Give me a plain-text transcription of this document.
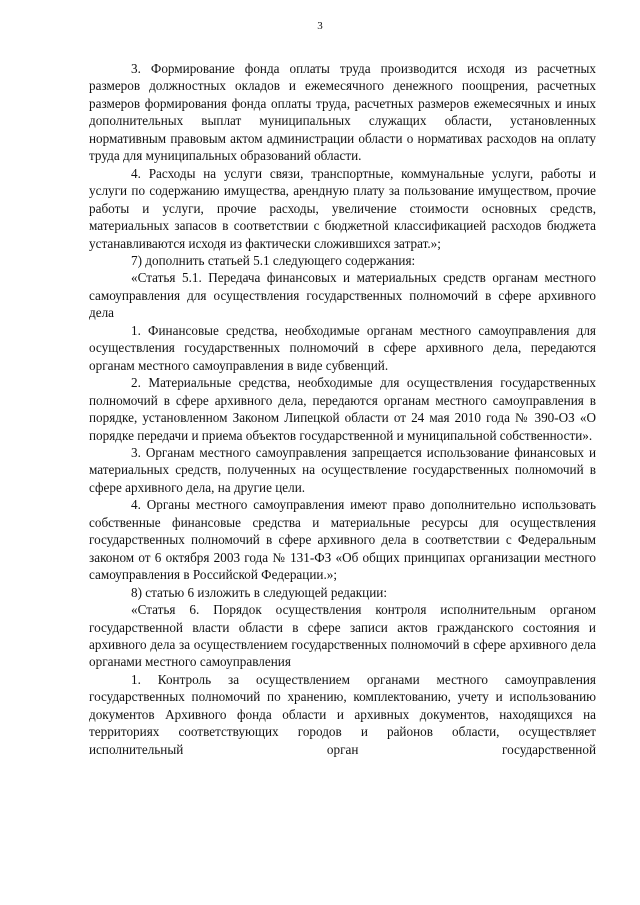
3

3. Формирование фонда оплаты труда производится исходя из расчетных размеров должностных окладов и ежемесячного денежного поощрения, расчетных размеров формирования фонда оплаты труда, расчетных размеров ежемесячных и иных дополнительных выплат муниципальных служащих области, установленных нормативным правовым актом администрации области о нормативах расходов на оплату труда для муниципальных образований области.

4. Расходы на услуги связи, транспортные, коммунальные услуги, работы и услуги по содержанию имущества, арендную плату за пользование имуществом, прочие работы и услуги, прочие расходы, увеличение стоимости основных средств, материальных запасов в соответствии с бюджетной классификацией расходов бюджета устанавливаются исходя из фактически сложившихся затрат.»;

7) дополнить статьей 5.1 следующего содержания:

«Статья 5.1. Передача финансовых и материальных средств органам местного самоуправления для осуществления государственных полномочий в сфере архивного дела

1. Финансовые средства, необходимые органам местного самоуправления для осуществления государственных полномочий в сфере архивного дела, передаются органам местного самоуправления в виде субвенций.

2. Материальные средства, необходимые для осуществления государственных полномочий в сфере архивного дела, передаются органам местного самоуправления в порядке, установленном Законом Липецкой области от 24 мая 2010 года № 390-ОЗ «О порядке передачи и приема объектов государственной и муниципальной собственности».

3. Органам местного самоуправления запрещается использование финансовых и материальных средств, полученных на осуществление государственных полномочий в сфере архивного дела, на другие цели.

4. Органы местного самоуправления имеют право дополнительно использовать собственные финансовые средства и материальные ресурсы для осуществления государственных полномочий в сфере архивного дела в соответствии с Федеральным законом от 6 октября 2003 года № 131-ФЗ «Об общих принципах организации местного самоуправления в Российской Федерации.»;

8) статью 6 изложить в следующей редакции:

«Статья 6. Порядок осуществления контроля исполнительным органом государственной власти области в сфере записи актов гражданского состояния и архивного дела за осуществлением государственных полномочий в сфере архивного дела органами местного самоуправления

1. Контроль за осуществлением органами местного самоуправления государственных полномочий по хранению, комплектованию, учету и использованию документов Архивного фонда области и архивных документов, находящихся на территориях соответствующих городов и районов области, осуществляет исполнительный орган государственной
